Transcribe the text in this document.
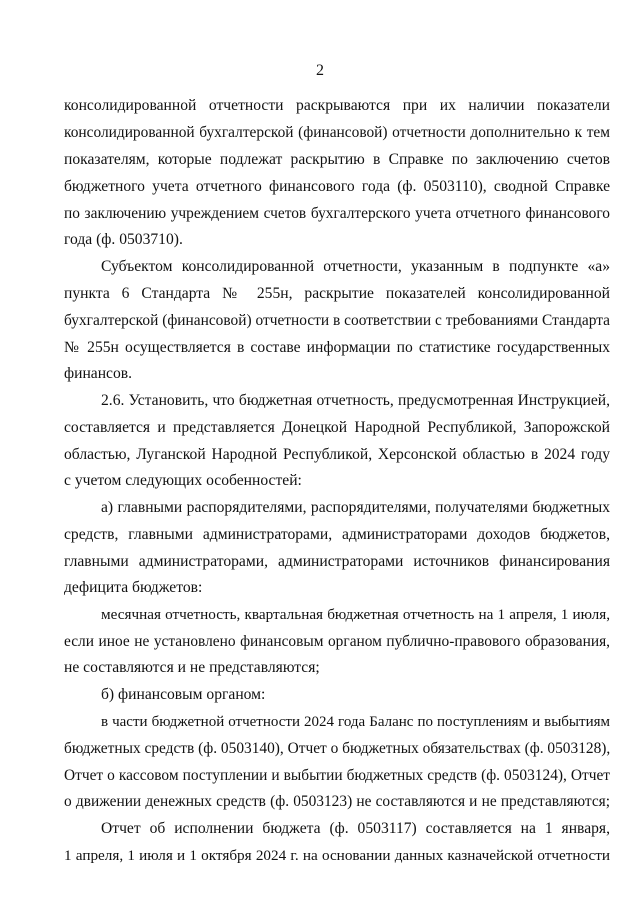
2
консолидированной отчетности раскрываются при их наличии показатели
консолидированной бухгалтерской (финансовой) отчетности дополнительно к тем
показателям, которые подлежат раскрытию в Справке по заключению счетов
бюджетного учета отчетного финансового года (ф. 0503110), сводной Справке
по заключению учреждением счетов бухгалтерского учета отчетного финансового
года (ф. 0503710).
Субъектом консолидированной отчетности, указанным в подпункте «а»
пункта 6 Стандарта № 255н, раскрытие показателей консолидированной
бухгалтерской (финансовой) отчетности в соответствии с требованиями Стандарта
№ 255н осуществляется в составе информации по статистике государственных
финансов.
2.6. Установить, что бюджетная отчетность, предусмотренная Инструкцией,
составляется и представляется Донецкой Народной Республикой, Запорожской
областью, Луганской Народной Республикой, Херсонской областью в 2024 году
с учетом следующих особенностей:
а) главными распорядителями, распорядителями, получателями бюджетных
средств, главными администраторами, администраторами доходов бюджетов,
главными администраторами, администраторами источников финансирования
дефицита бюджетов:
месячная отчетность, квартальная бюджетная отчетность на 1 апреля, 1 июля,
если иное не установлено финансовым органом публично-правового образования,
не составляются и не представляются;
б) финансовым органом:
в части бюджетной отчетности 2024 года Баланс по поступлениям и выбытиям
бюджетных средств (ф. 0503140), Отчет о бюджетных обязательствах (ф. 0503128),
Отчет о кассовом поступлении и выбытии бюджетных средств (ф. 0503124), Отчет
о движении денежных средств (ф. 0503123) не составляются и не представляются;
Отчет об исполнении бюджета (ф. 0503117) составляется на 1 января,
1 апреля, 1 июля и 1 октября 2024 г. на основании данных казначейской отчетности
